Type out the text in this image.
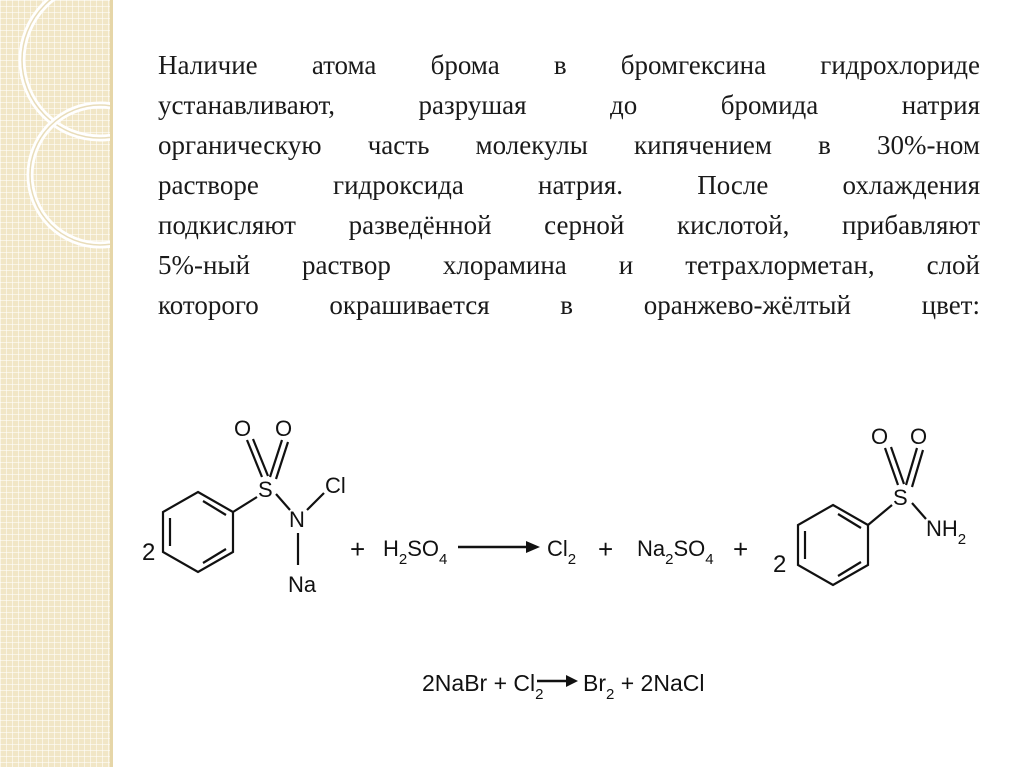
Наличие атома брома в бромгексина гидрохлориде

устанавливают, разрушая до бромида натрия

органическую часть молекулы кипячением в 30%-ном

растворе гидроксида натрия. После охлаждения

подкисляют разведённой серной кислотой, прибавляют

5%-ный раствор хлорамина и тетрахлорметан, слой

которого окрашивается в оранжево-жёлтый цвет:

2
S
O O
N
Cl
Na
+ $H_2SO_4$	$Cl_2 + Na_2SO_4$ +
2
S
O O
$NH_2$
2NaBr + $Cl_2$ $Br_2$ + 2NaCl
